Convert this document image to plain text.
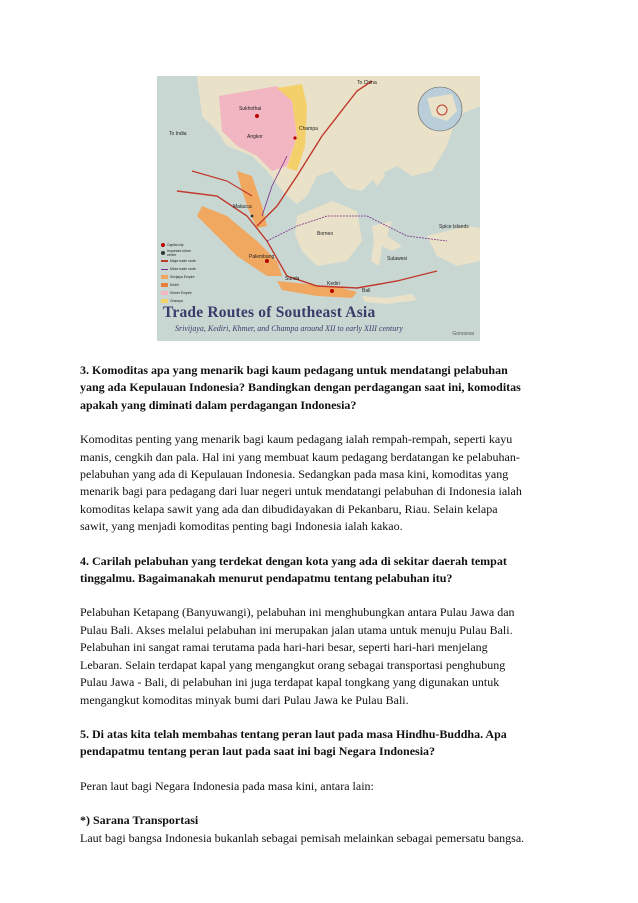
To China
To India
Sukhothai
Angkor
Champa
Malacca
Palembang
Sunda
Kediri
Bali
Borneo
Spice Islands
Sulawesi
Capital city
Important urban center
Major trade route
Minor trade route
Srivijaya Empire
Kediri
Khmer Empire
Champa
Trade Routes of Southeast Asia
Srivijaya, Kediri, Khmer, and Champa around XII to early XIII century
Gorosova

3. Komoditas apa yang menarik bagi kaum pedagang untuk mendatangi pelabuhan

yang ada Kepulauan Indonesia? Bandingkan dengan perdagangan saat ini, komoditas

apakah yang diminati dalam perdagangan Indonesia?

Komoditas penting yang menarik bagi kaum pedagang ialah rempah-rempah, seperti kayu

manis, cengkih dan pala. Hal ini yang membuat kaum pedagang berdatangan ke pelabuhan-

pelabuhan yang ada di Kepulauan Indonesia. Sedangkan pada masa kini, komoditas yang

menarik bagi para pedagang dari luar negeri untuk mendatangi pelabuhan di Indonesia ialah

komoditas kelapa sawit yang ada dan dibudidayakan di Pekanbaru, Riau. Selain kelapa

sawit, yang menjadi komoditas penting bagi Indonesia ialah kakao.

4. Carilah pelabuhan yang terdekat dengan kota yang ada di sekitar daerah tempat

tinggalmu. Bagaimanakah menurut pendapatmu tentang pelabuhan itu?

Pelabuhan Ketapang (Banyuwangi), pelabuhan ini menghubungkan antara Pulau Jawa dan

Pulau Bali. Akses melalui pelabuhan ini merupakan jalan utama untuk menuju Pulau Bali.

Pelabuhan ini sangat ramai terutama pada hari-hari besar, seperti hari-hari menjelang

Lebaran. Selain terdapat kapal yang mengangkut orang sebagai transportasi penghubung

Pulau Jawa - Bali, di pelabuhan ini juga terdapat kapal tongkang yang digunakan untuk

mengangkut komoditas minyak bumi dari Pulau Jawa ke Pulau Bali.

5. Di atas kita telah membahas tentang peran laut pada masa Hindhu-Buddha. Apa

pendapatmu tentang peran laut pada saat ini bagi Negara Indonesia?

Peran laut bagi Negara Indonesia pada masa kini, antara lain:

*) Sarana Transportasi

Laut bagi bangsa Indonesia bukanlah sebagai pemisah melainkan sebagai pemersatu bangsa.
